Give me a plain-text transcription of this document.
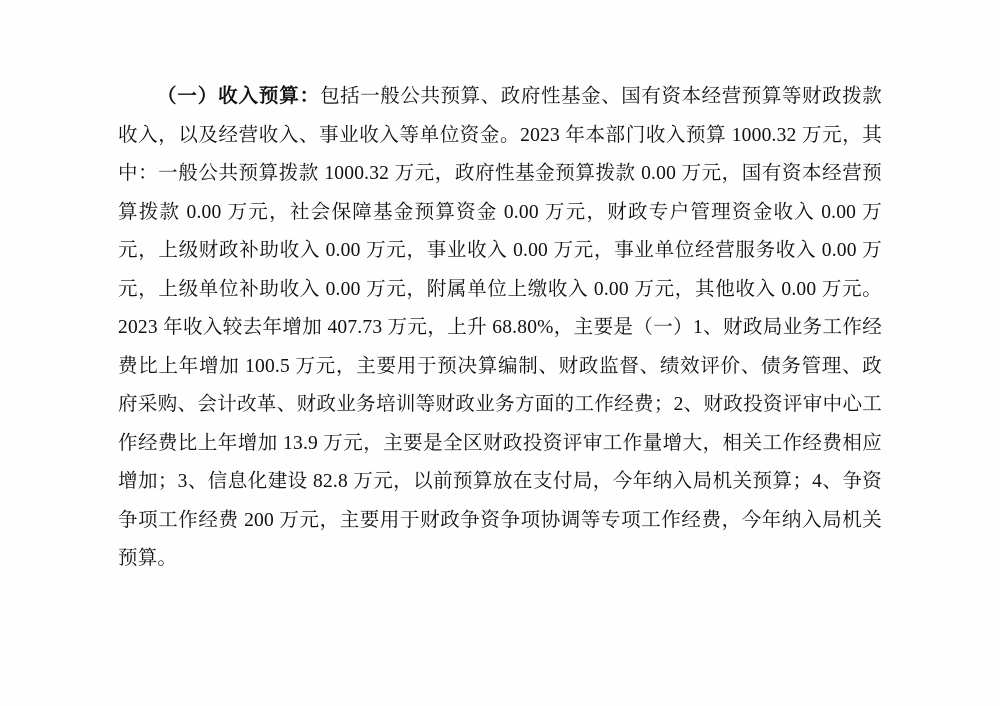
（一）收入预算：包括一般公共预算、政府性基金、国有资本经营预算等财政拨款收入，以及经营收入、事业收入等单位资金。2023 年本部门收入预算 1000.32 万元，其中：一般公共预算拨款 1000.32 万元，政府性基金预算拨款 0.00 万元，国有资本经营预算拨款 0.00 万元，社会保障基金预算资金 0.00 万元，财政专户管理资金收入 0.00 万元，上级财政补助收入 0.00 万元，事业收入 0.00 万元，事业单位经营服务收入 0.00 万元，上级单位补助收入 0.00 万元，附属单位上缴收入 0.00 万元，其他收入 0.00 万元。2023 年收入较去年增加 407.73 万元，上升 68.80%，主要是（一）1、财政局业务工作经费比上年增加 100.5 万元，主要用于预决算编制、财政监督、绩效评价、债务管理、政府采购、会计改革、财政业务培训等财政业务方面的工作经费；2、财政投资评审中心工作经费比上年增加 13.9 万元，主要是全区财政投资评审工作量增大，相关工作经费相应增加；3、信息化建设 82.8 万元，以前预算放在支付局，今年纳入局机关预算；4、争资争项工作经费 200 万元，主要用于财政争资争项协调等专项工作经费，今年纳入局机关预算。
